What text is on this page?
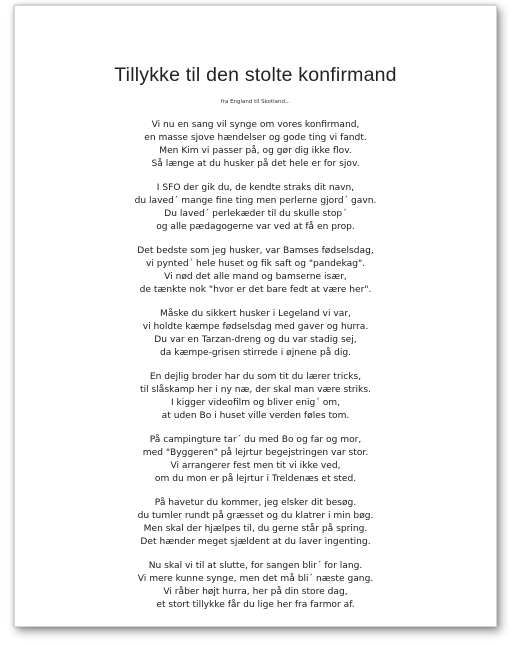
Tillykke til den stolte konfirmand

fra England til Skotland...

Vi nu en sang vil synge om vores konfirmand,
en masse sjove hændelser og gode ting vi fandt.
Men Kim vi passer på, og gør dig ikke flov.
Så længe at du husker på det hele er for sjov.
I SFO der gik du, de kendte straks dit navn,
du laved´ mange fine ting men perlerne gjord´ gavn.
Du laved´ perlekæder til du skulle stop´
og alle pædagogerne var ved at få en prop.
Det bedste som jeg husker, var Bamses fødselsdag,
vi pynted´ hele huset og fik saft og "pandekag".
Vi nød det alle mand og bamserne især,
de tænkte nok "hvor er det bare fedt at være her".
Måske du sikkert husker i Legeland vi var,
vi holdte kæmpe fødselsdag med gaver og hurra.
Du var en Tarzan-dreng og du var stadig sej,
da kæmpe-grisen stirrede i øjnene på dig.
En dejlig broder har du som tit du lærer tricks,
til slåskamp her i ny næ, der skal man være striks.
I kigger videofilm og bliver enig´ om,
at uden Bo i huset ville verden føles tom.
På campingture tar´ du med Bo og far og mor,
med "Byggeren" på lejrtur begejstringen var stor.
Vi arrangerer fest men tit vi ikke ved,
om du mon er på lejrtur i Treldenæs et sted.
På havetur du kommer, jeg elsker dit besøg.
du tumler rundt på græsset og du klatrer i min bøg.
Men skal der hjælpes til, du gerne står på spring.
Det hænder meget sjældent at du laver ingenting.
Nu skal vi til at slutte, for sangen blir´ for lang.
Vi mere kunne synge, men det må bli´ næste gang.
Vi råber højt hurra, her på din store dag,
et stort tillykke får du lige her fra farmor af.
